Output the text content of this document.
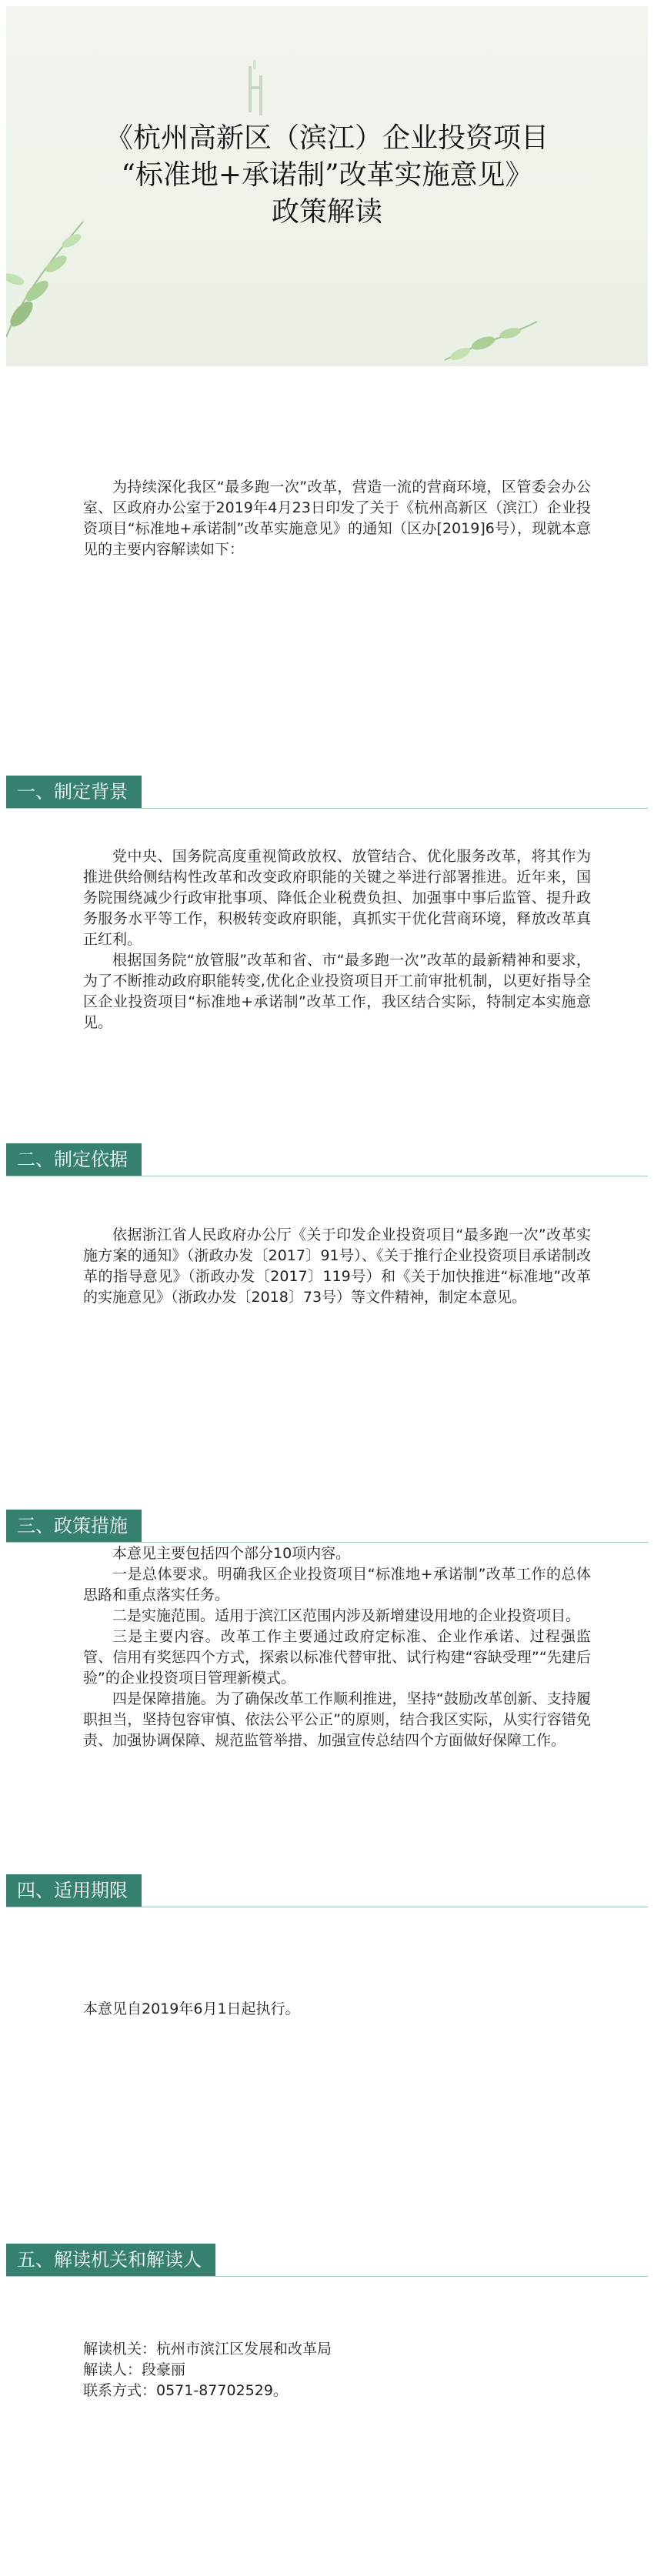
《杭州高新区（滨江）企业投资项目
“标准地+承诺制”改革实施意见》
政策解读

为持续深化我区“最多跑一次”改革，营造一流的营商环境，区管委会办公室、区政府办公室于2019年4月23日印发了关于《杭州高新区（滨江）企业投资项目“标准地+承诺制”改革实施意见》的通知（区办[2019]6号），现就本意见的主要内容解读如下：

一、制定背景

党中央、国务院高度重视简政放权、放管结合、优化服务改革，将其作为推进供给侧结构性改革和改变政府职能的关键之举进行部署推进。近年来，国务院围绕减少行政审批事项、降低企业税费负担、加强事中事后监管、提升政务服务水平等工作，积极转变政府职能，真抓实干优化营商环境，释放改革真正红利。

根据国务院“放管服”改革和省、市“最多跑一次”改革的最新精神和要求，为了不断推动政府职能转变,优化企业投资项目开工前审批机制，以更好指导全区企业投资项目“标准地+承诺制”改革工作，我区结合实际，特制定本实施意见。

二、制定依据

依据浙江省人民政府办公厅《关于印发企业投资项目“最多跑一次”改革实施方案的通知》（浙政办发〔2017〕91号）、《关于推行企业投资项目承诺制改革的指导意见》（浙政办发〔2017〕119号）和《关于加快推进“标准地”改革的实施意见》（浙政办发〔2018〕73号）等文件精神，制定本意见。

三、政策措施

本意见主要包括四个部分10项内容。

一是总体要求。明确我区企业投资项目“标准地+承诺制”改革工作的总体思路和重点落实任务。

二是实施范围。适用于滨江区范围内涉及新增建设用地的企业投资项目。

三是主要内容。改革工作主要通过政府定标准、企业作承诺、过程强监管、信用有奖惩四个方式，探索以标准代替审批、试行构建“容缺受理”“先建后验”的企业投资项目管理新模式。

四是保障措施。为了确保改革工作顺利推进，坚持“鼓励改革创新、支持履职担当，坚持包容审慎、依法公平公正”的原则，结合我区实际，从实行容错免责、加强协调保障、规范监管举措、加强宣传总结四个方面做好保障工作。

四、适用期限

本意见自2019年6月1日起执行。

五、解读机关和解读人

解读机关：杭州市滨江区发展和改革局

解读人：段豪丽

联系方式：0571-87702529。
